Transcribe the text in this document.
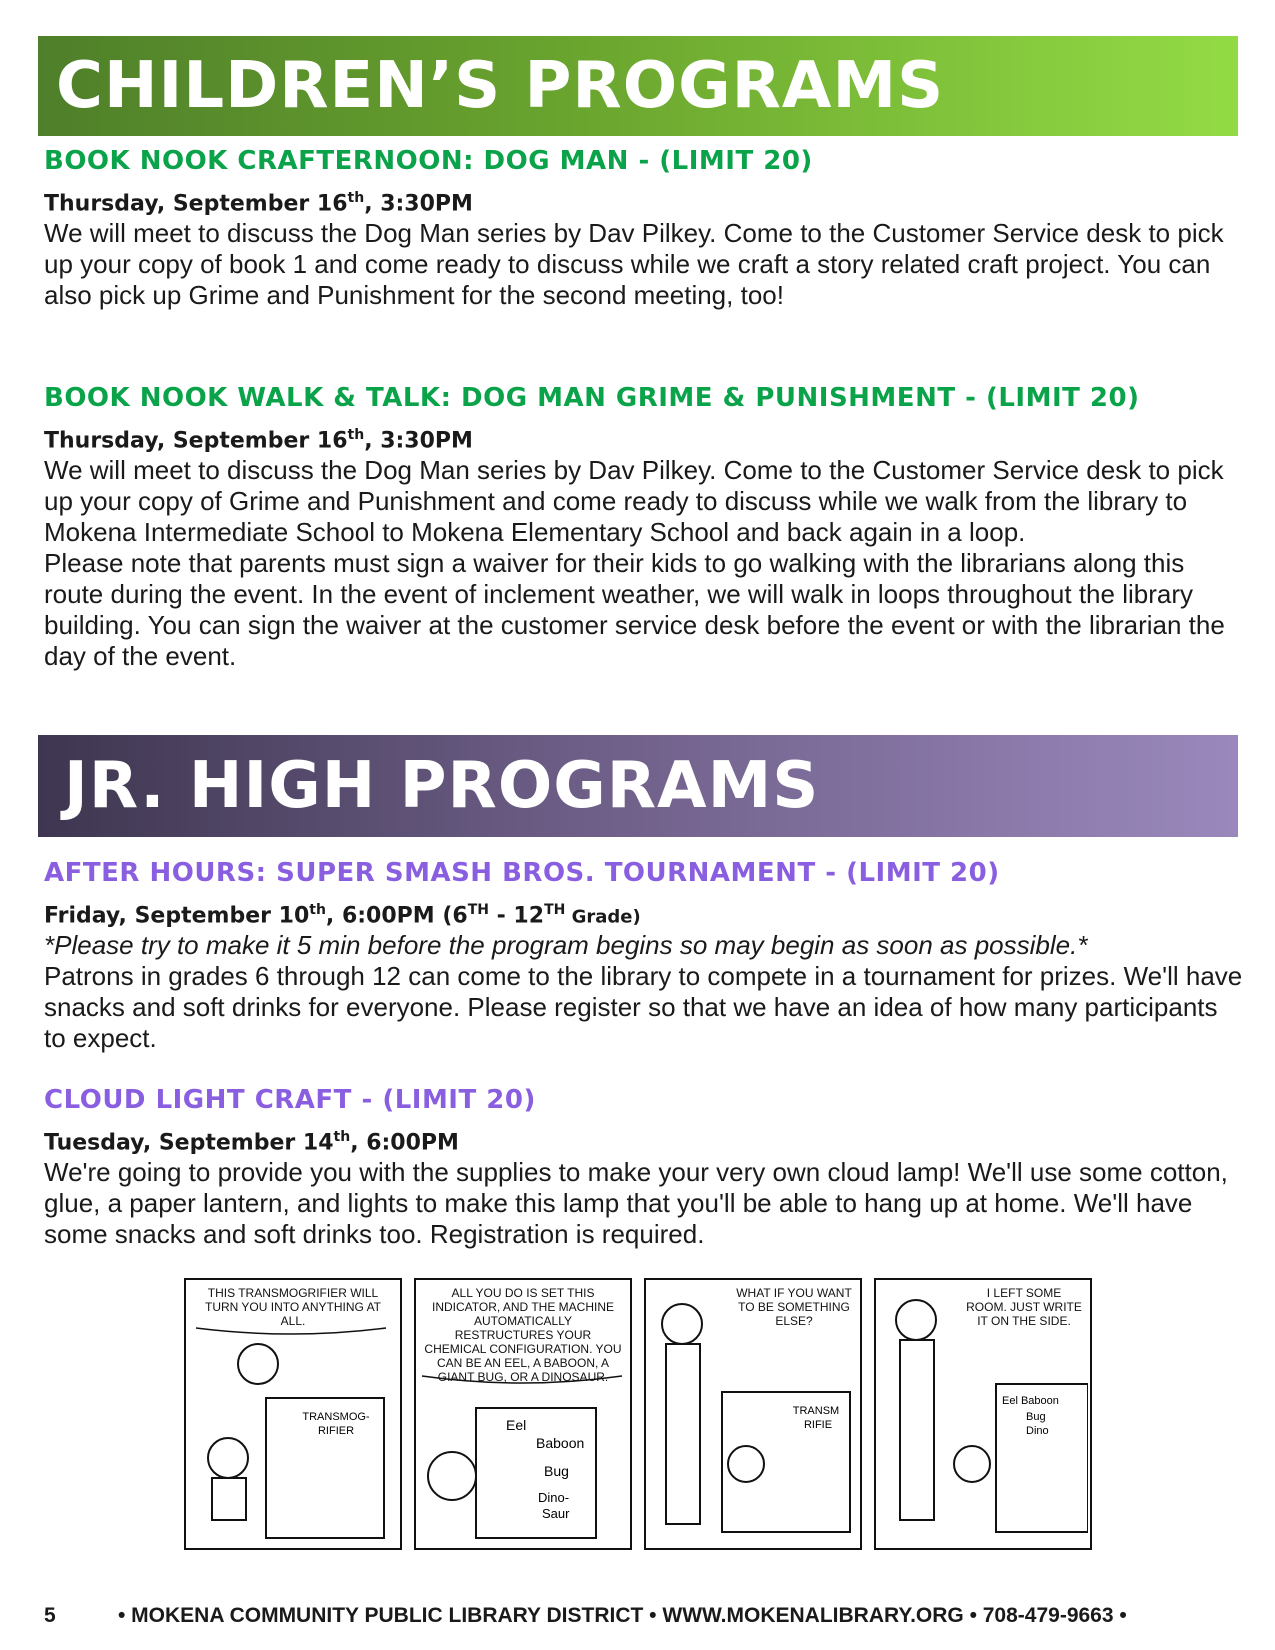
CHILDREN’S PROGRAMS
BOOK NOOK CRAFTERNOON: DOG MAN - (LIMIT 20)
Thursday, September 16th, 3:30PM

We will meet to discuss the Dog Man series by Dav Pilkey. Come to the Customer Service desk to pick up your copy of book 1 and come ready to discuss while we craft a story related craft project. You can also pick up Grime and Punishment for the second meeting, too!

BOOK NOOK WALK & TALK: DOG MAN GRIME & PUNISHMENT - (LIMIT 20)
Thursday, September 16th, 3:30PM

We will meet to discuss the Dog Man series by Dav Pilkey. Come to the Customer Service desk to pick up your copy of Grime and Punishment and come ready to discuss while we walk from the library to Mokena Intermediate School to Mokena Elementary School and back again in a loop.

Please note that parents must sign a waiver for their kids to go walking with the librarians along this route during the event. In the event of inclement weather, we will walk in loops throughout the library building. You can sign the waiver at the customer service desk before the event or with the librarian the day of the event.

JR. HIGH PROGRAMS
AFTER HOURS: SUPER SMASH BROS. TOURNAMENT - (LIMIT 20)
Friday, September 10th, 6:00PM (6TH - 12TH Grade)

*Please try to make it 5 min before the program begins so may begin as soon as possible.*

Patrons in grades 6 through 12 can come to the library to compete in a tournament for prizes. We'll have snacks and soft drinks for everyone. Please register so that we have an idea of how many participants to expect.

CLOUD LIGHT CRAFT - (LIMIT 20)
Tuesday, September 14th, 6:00PM

We're going to provide you with the supplies to make your very own cloud lamp! We'll use some cotton, glue, a paper lantern, and lights to make this lamp that you'll be able to hang up at home. We'll have some snacks and soft drinks too. Registration is required.

THIS TRANSMOGRIFIER WILL TURN YOU INTO ANYTHING AT ALL.
TRANSMOG-
RIFIER
ALL YOU DO IS SET THIS INDICATOR, AND THE MACHINE AUTOMATICALLY RESTRUCTURES YOUR CHEMICAL CONFIGURATION. YOU CAN BE AN EEL, A BABOON, A GIANT BUG, OR A DINOSAUR.
Eel
Baboon
Bug
Dino-
Saur
WHAT IF YOU WANT TO BE SOMETHING ELSE?
TRANSM
RIFIE
I LEFT SOME ROOM. JUST WRITE IT ON THE SIDE.
Eel Baboon
Bug
Dino
5	• MOKENA COMMUNITY PUBLIC LIBRARY DISTRICT • WWW.MOKENALIBRARY.ORG • 708-479-9663 •
